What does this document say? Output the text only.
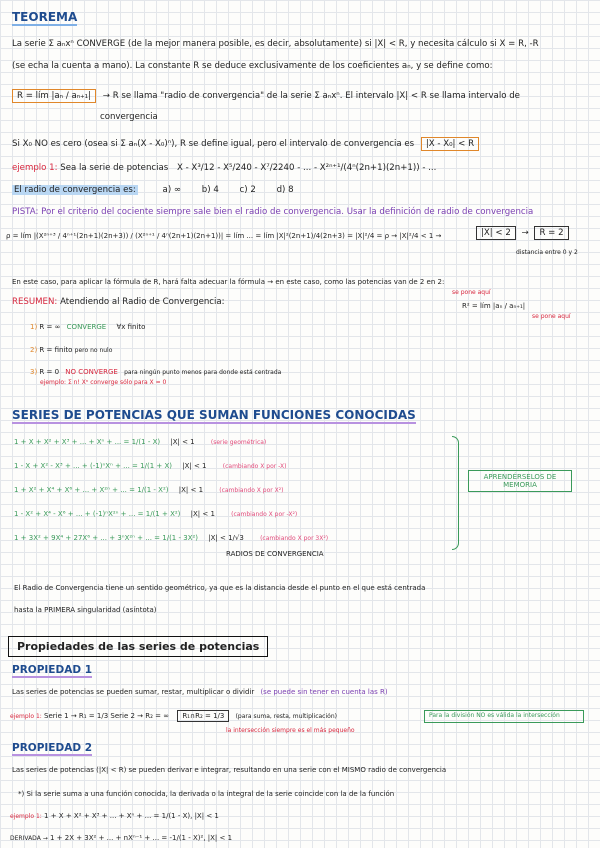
TEOREMA
La serie Σ aₙxⁿ CONVERGE (de la mejor manera posible, es decir, absolutamente) si |X| < R, y necesita cálculo si X = R, -R
(se echa la cuenta a mano). La constante R se deduce exclusivamente de los coeficientes aₙ, y se define como:
R = lím |aₙ / aₙ₊₁| → R se llama "radio de convergencia" de la serie Σ aₙxⁿ. El intervalo |X| < R se llama intervalo de
convergencia
Si X₀ NO es cero (osea si Σ aₙ(X - X₀)ⁿ), R se define igual, pero el intervalo de convergencia es |X - X₀| < R
ejemplo 1: Sea la serie de potencias X - X³/12 - X⁵/240 - X⁷/2240 - ... - X²ⁿ⁺¹/(4ⁿ(2n+1)(2n+1)) - ...
El radio de convergencia es:	a) ∞ b) 4 c) 2 d) 8
PISTA: Por el criterio del cociente siempre sale bien el radio de convergencia. Usar la definición de radio de convergencia
ρ = lím |(X²ⁿ⁺³ / 4ⁿ⁺¹(2n+1)(2n+3)) / (X²ⁿ⁺¹ / 4ⁿ(2n+1)(2n+1))| = lím ... = lím |X|²(2n+1)/4(2n+3) = |X|²/4 = ρ → |X|²/4 < 1 →	|X| < 2 → R = 2
distancia entre 0 y 2
En este caso, para aplicar la fórmula de R, hará falta adecuar la fórmula → en este caso, como las potencias van de 2 en 2:
se pone aquí
R² = lím |aₙ / aₙ₊₁|
se pone aquí
RESUMEN: Atendiendo al Radio de Convergencia:
1) R = ∞ CONVERGE ∀x finito
2) R = finito pero no nulo
3) R = 0 NO CONVERGE para ningún punto menos para donde está centrada
ejemplo: Σ n! Xⁿ converge sólo para X = 0
SERIES DE POTENCIAS QUE SUMAN FUNCIONES CONOCIDAS
1 + X + X² + X³ + ... + Xⁿ + ... = 1/(1 - X) |X| < 1	(serie geométrica)
1 - X + X² - X³ + ... + (-1)ⁿXⁿ + ... = 1/(1 + X) |X| < 1	(cambiando X por -X)
1 + X² + X⁴ + X⁶ + ... + X²ⁿ + ... = 1/(1 - X²) |X| < 1	(cambiando X por X²)
1 - X² + X⁴ - X⁶ + ... + (-1)ⁿX²ⁿ + ... = 1/(1 + X²) |X| < 1	(cambiando X por -X²)
1 + 3X² + 9X⁴ + 27X⁶ + ... + 3ⁿX²ⁿ + ... = 1/(1 - 3X²) |X| < 1/√3	(cambiando X por 3X²)
APRENDÉRSELOS DE MEMORIA
RADIOS DE CONVERGENCIA
El Radio de Convergencia tiene un sentido geométrico, ya que es la distancia desde el punto en el que está centrada
hasta la PRIMERA singularidad (asíntota)
Propiedades de las series de potencias
PROPIEDAD 1
Las series de potencias se pueden sumar, restar, multiplicar o dividir (se puede sin tener en cuenta las R)
ejemplo 1: Serie 1 → R₁ = 1/3 Serie 2 → R₂ = ∞ R₁∩R₂ = 1/3 (para suma, resta, multiplicación)
la intersección siempre es el más pequeño
Para la división NO es válida la intersección
PROPIEDAD 2
Las series de potencias (|X| < R) se pueden derivar e integrar, resultando en una serie con el MISMO radio de convergencia
*) Si la serie suma a una función conocida, la derivada o la integral de la serie coincide con la de la función
ejemplo 1: 1 + X + X² + X³ + ... + Xⁿ + ... = 1/(1 - X), |X| < 1
DERIVADA → 1 + 2X + 3X² + ... + nXⁿ⁻¹ + ... = -1/(1 - X)², |X| < 1
